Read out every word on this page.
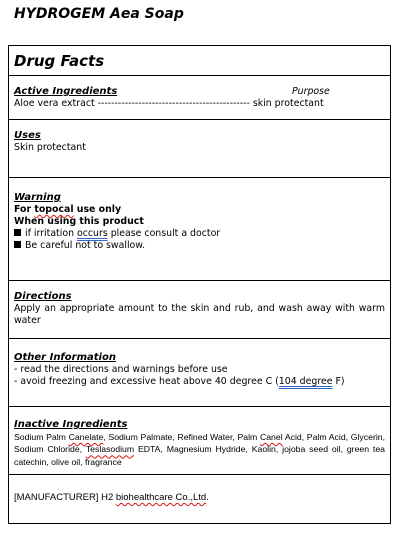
HYDROGEM Aea Soap
Drug Facts
Active Ingredients	Purpose
Aloe vera extract --------------------------------------------- skin protectant
Uses
Skin protectant
Warning
For topocal use only
When using this product
if irritation occurs please consult a doctor
Be careful not to swallow.
Directions
Apply an appropriate amount to the skin and rub, and wash away with warm water
Other Information
- read the directions and warnings before use
- avoid freezing and excessive heat above 40 degree C (104 degree F)
Inactive Ingredients
Sodium Palm Canelate, Sodium Palmate, Refined Water, Palm Canel Acid, Palm Acid, Glycerin, Sodium Chloride, Teslasodium EDTA, Magnesium Hydride, Kaolin, jojoba seed oil, green tea catechin, olive oil, fragrance
[MANUFACTURER] H2 biohealthcare Co.,Ltd.
